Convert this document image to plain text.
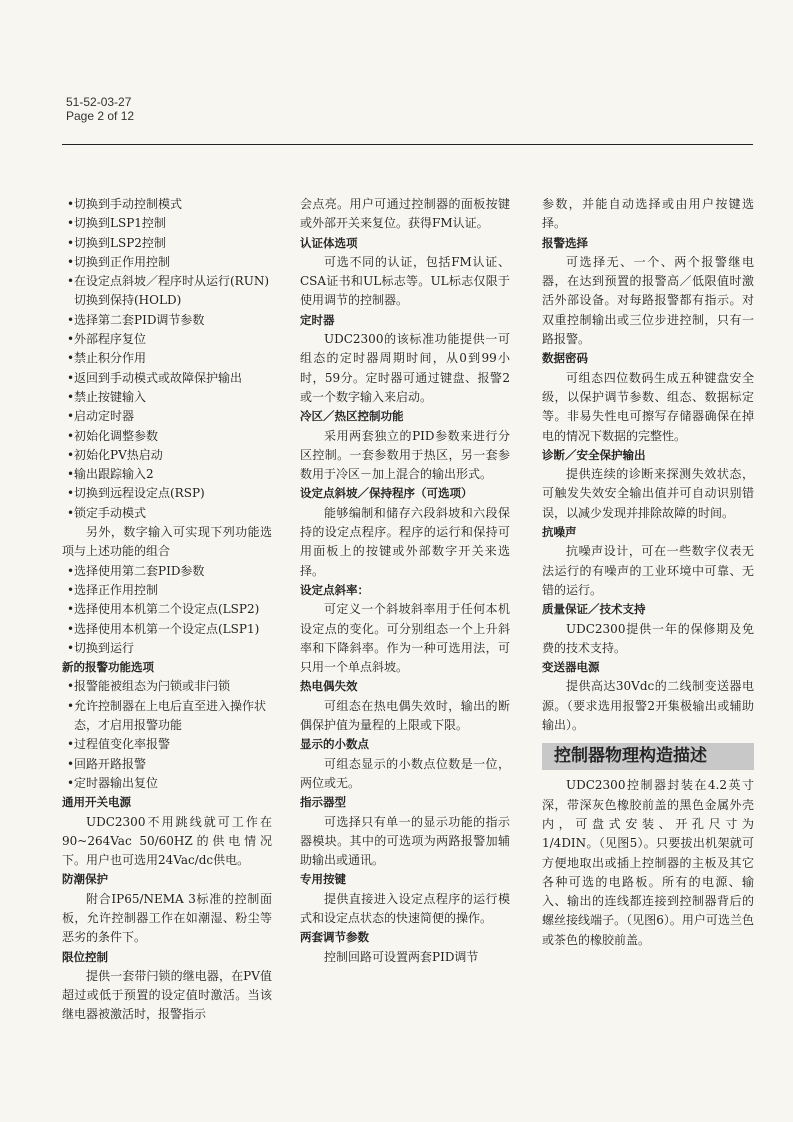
51-52-03-27
Page 2 of 12
• 切换到手动控制模式
• 切换到LSP1控制
• 切换到LSP2控制
• 切换到正作用控制
• 在设定点斜坡／程序时从运行(RUN)切换到保持(HOLD)
• 选择第二套PID调节参数
• 外部程序复位
• 禁止积分作用
• 返回到手动模式或故障保护输出
• 禁止按键输入
• 启动定时器
• 初始化调整参数
• 初始化PV热启动
• 输出跟踪输入2
• 切换到远程设定点(RSP)
• 锁定手动模式

另外，数字输入可实现下列功能选项与上述功能的组合

• 选择使用第二套PID参数
• 选择正作用控制
• 选择使用本机第二个设定点(LSP2)
• 选择使用本机第一个设定点(LSP1)
• 切换到运行

新的报警功能选项

• 报警能被组态为闩锁或非闩锁
• 允许控制器在上电后直至进入操作状态，才启用报警功能
• 过程值变化率报警
• 回路开路报警
• 定时器输出复位

通用开关电源

UDC2300不用跳线就可工作在90~264Vac 50/60HZ的供电情况下。用户也可选用24Vac/dc供电。

防潮保护

附合IP65/NEMA 3标准的控制面板，允许控制器工作在如潮湿、粉尘等恶劣的条件下。

限位控制

提供一套带闩锁的继电器，在PV值超过或低于预置的设定值时激活。当该继电器被激活时，报警指示

会点亮。用户可通过控制器的面板按键或外部开关来复位。获得FM认证。

认证体选项

可选不同的认证，包括FM认证、CSA证书和UL标志等。UL标志仅限于使用调节的控制器。

定时器

UDC2300的该标准功能提供一可组态的定时器周期时间，从0到99小时，59分。定时器可通过键盘、报警2或一个数字输入来启动。

冷区／热区控制功能

采用两套独立的PID参数来进行分区控制。一套参数用于热区，另一套参数用于冷区－加上混合的输出形式。

设定点斜坡／保持程序（可选项）

能够编制和储存六段斜坡和六段保持的设定点程序。程序的运行和保持可用面板上的按键或外部数字开关来选择。

设定点斜率：

可定义一个斜坡斜率用于任何本机设定点的变化。可分别组态一个上升斜率和下降斜率。作为一种可选用法，可只用一个单点斜坡。

热电偶失效

可组态在热电偶失效时，输出的断偶保护值为量程的上限或下限。

显示的小数点

可组态显示的小数点位数是一位，两位或无。

指示器型

可选择只有单一的显示功能的指示器模块。其中的可选项为两路报警加辅助输出或通讯。

专用按键

提供直接进入设定点程序的运行模式和设定点状态的快速简便的操作。

两套调节参数

控制回路可设置两套PID调节

参数，并能自动选择或由用户按键选择。

报警选择

可选择无、一个、两个报警继电器，在达到预置的报警高／低限值时激活外部设备。对每路报警都有指示。对双重控制输出或三位步进控制，只有一路报警。

数据密码

可组态四位数码生成五种键盘安全级，以保护调节参数、组态、数据标定等。非易失性电可擦写存储器确保在掉电的情况下数据的完整性。

诊断／安全保护输出

提供连续的诊断来探测失效状态，可触发失效安全输出值并可自动识别错误，以减少发现并排除故障的时间。

抗噪声

抗噪声设计，可在一些数字仪表无法运行的有噪声的工业环境中可靠、无错的运行。

质量保证／技术支持

UDC2300提供一年的保修期及免费的技术支持。

变送器电源

提供高达30Vdc的二线制变送器电源。（要求选用报警2开集极输出或辅助输出）。

控制器物理构造描述

UDC2300控制器封装在4.2英寸深，带深灰色橡胶前盖的黑色金属外壳内，可盘式安装、开孔尺寸为1/4DIN。（见图5）。只要拔出机架就可方便地取出或插上控制器的主板及其它各种可选的电路板。所有的电源、输入、输出的连线都连接到控制器背后的螺丝接线端子。（见图6）。用户可选兰色或茶色的橡胶前盖。
